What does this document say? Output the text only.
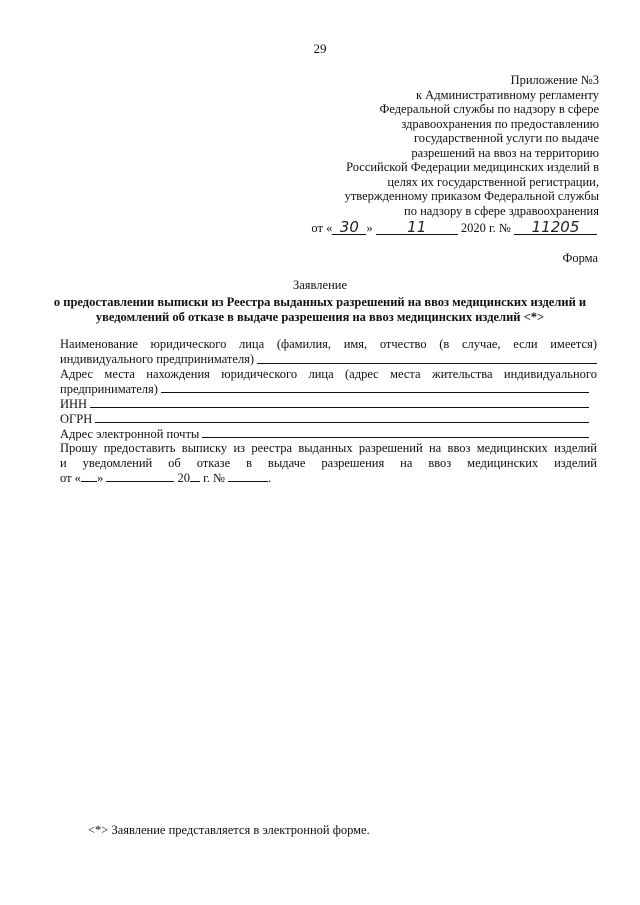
29
Приложение №3
к Административному регламенту
Федеральной службы по надзору в сфере
здравоохранения по предоставлению
государственной услуги по выдаче
разрешений на ввоз на территорию
Российской Федерации медицинских изделий в
целях их государственной регистрации,
утвержденному приказом Федеральной службы
по надзору в сфере здравоохранения
от « 30 » 11	2020 г. № 11205
Форма
Заявление
о предоставлении выписки из Реестра выданных разрешений на ввоз медицинских изделий и уведомлений об отказе в выдаче разрешения на ввоз медицинских изделий <*>
Наименование юридического лица (фамилия, имя, отчество (в случае, если имеется)
индивидуального предпринимателя)
Адрес места нахождения юридического лица (адрес места жительства индивидуального
предпринимателя)
ИНН
ОГРН
Адрес электронной почты
Прошу предоставить выписку из реестра выданных разрешений на ввоз медицинских изделий
и уведомлений об отказе в выдаче разрешения на ввоз медицинских изделий
от « »	20 г. №	.
<*> Заявление представляется в электронной форме.
